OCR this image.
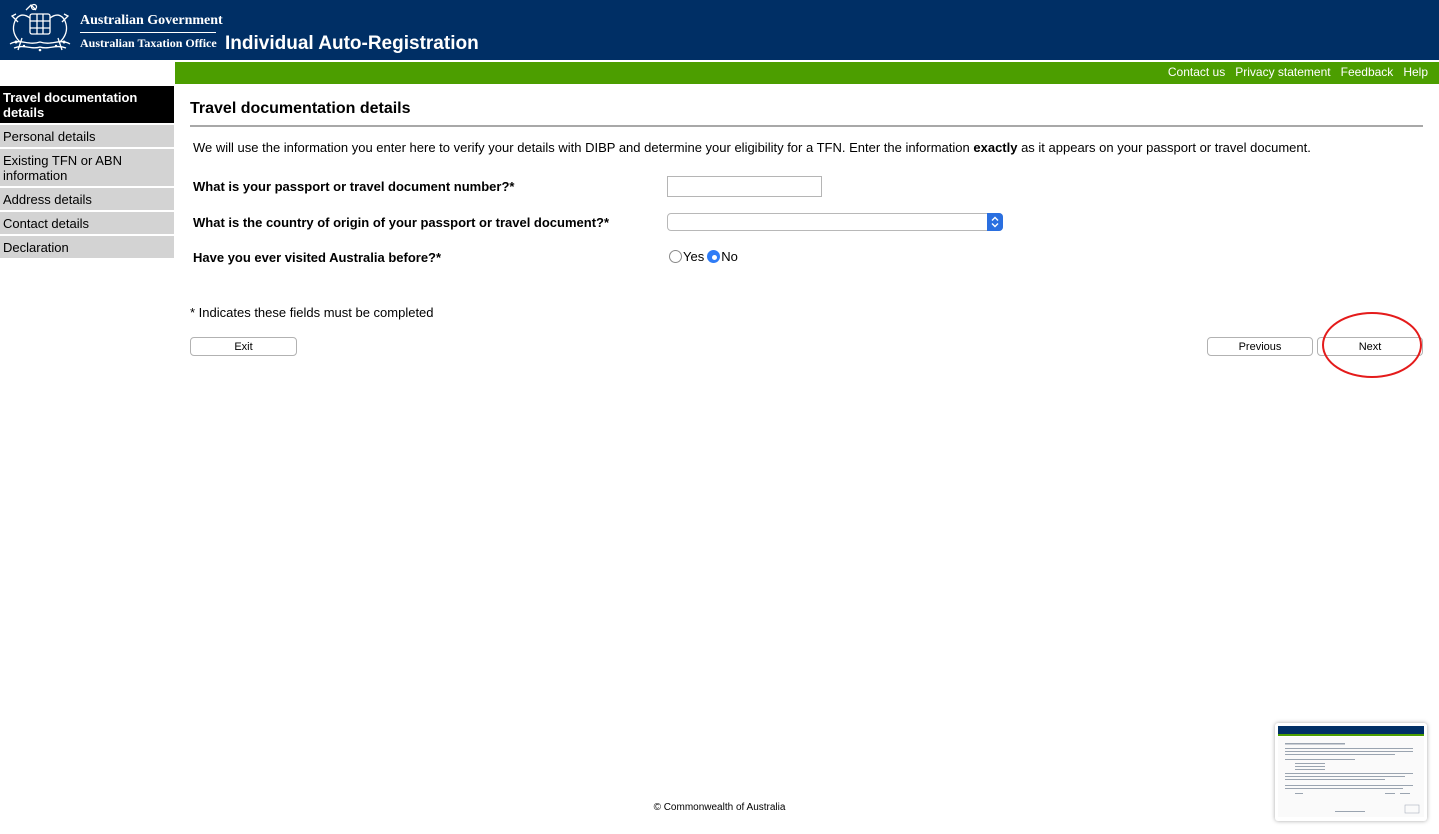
Australian Government
Australian Taxation Office Individual Auto-Registration
Contact us Privacy statement Feedback Help
Travel documentation details
Personal details
Existing TFN or ABN information
Address details
Contact details
Declaration
Travel documentation details
We will use the information you enter here to verify your details with DIBP and determine your eligibility for a TFN. Enter the information exactly as it appears on your passport or travel document.
What is your passport or travel document number?*
What is the country of origin of your passport or travel document?*
Have you ever visited Australia before?*	Yes No
* Indicates these fields must be completed
Exit	Previous	Next
© Commonwealth of Australia
